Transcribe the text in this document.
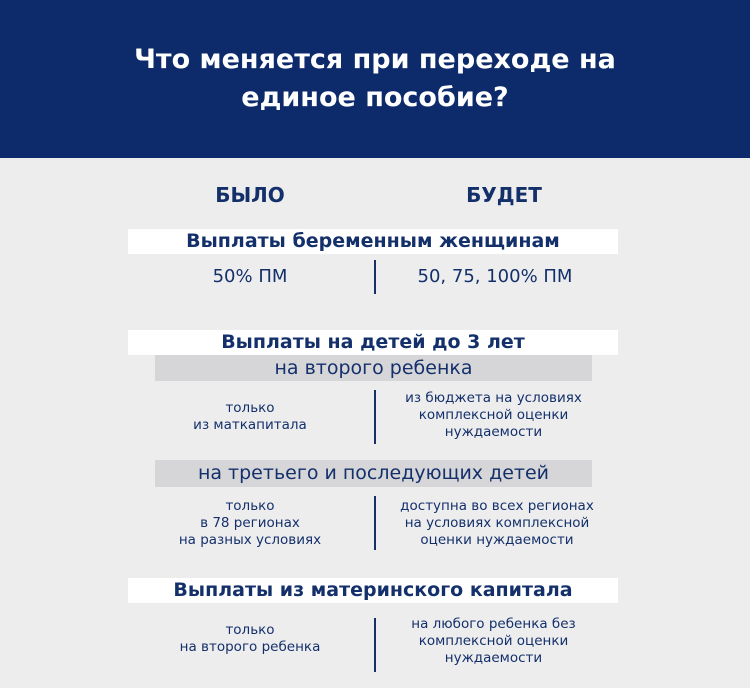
Что меняется при переходе на единое пособие?
БЫЛО	БУДЕТ
Выплаты беременным женщинам
50% ПМ	50, 75, 100% ПМ
Выплаты на детей до 3 лет
на второго ребенка
только
из маткапитала
из бюджета на условиях
комплексной оценки
нуждаемости
на третьего и последующих детей
только
в 78 регионах
на разных условиях
доступна во всех регионах
на условиях комплексной
оценки нуждаемости
Выплаты из материнского капитала
только
на второго ребенка
на любого ребенка без
комплексной оценки
нуждаемости
